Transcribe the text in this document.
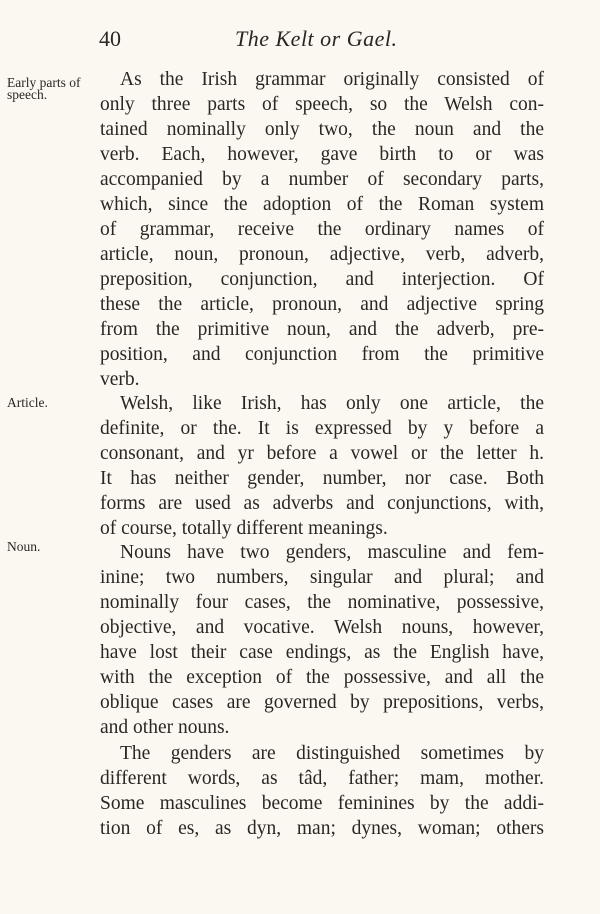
40	The Kelt or Gael.
Early parts of
speech.
Article.
Noun.
As the Irish grammar originally consisted of
only three parts of speech, so the Welsh con-
tained nominally only two, the noun and the
verb. Each, however, gave birth to or was
accompanied by a number of secondary parts,
which, since the adoption of the Roman system
of grammar, receive the ordinary names of
article, noun, pronoun, adjective, verb, adverb,
preposition, conjunction, and interjection. Of
these the article, pronoun, and adjective spring
from the primitive noun, and the adverb, pre-
position, and conjunction from the primitive
verb.
Welsh, like Irish, has only one article, the
definite, or the. It is expressed by y before a
consonant, and yr before a vowel or the letter h.
It has neither gender, number, nor case. Both
forms are used as adverbs and conjunctions, with,
of course, totally different meanings.
Nouns have two genders, masculine and fem-
inine; two numbers, singular and plural; and
nominally four cases, the nominative, possessive,
objective, and vocative. Welsh nouns, however,
have lost their case endings, as the English have,
with the exception of the possessive, and all the
oblique cases are governed by prepositions, verbs,
and other nouns.
The genders are distinguished sometimes by
different words, as tâd, father; mam, mother.
Some masculines become feminines by the addi-
tion of es, as dyn, man; dynes, woman; others
